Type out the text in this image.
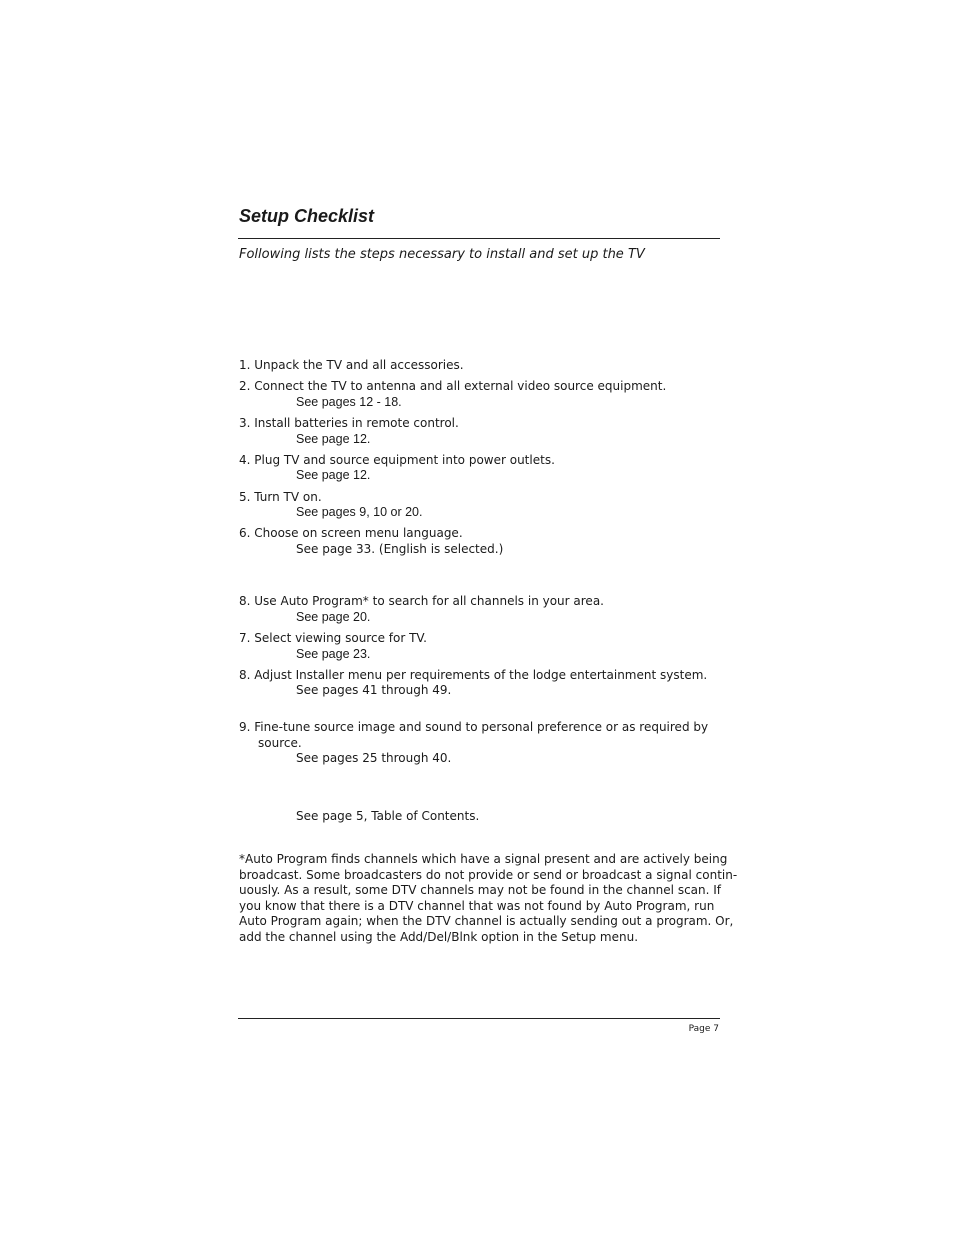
Setup Checklist

Following lists the steps necessary to install and set up the TV

1. Unpack the TV and all accessories.

2. Connect the TV to antenna and all external video source equipment.

See pages 12 - 18.

3. Install batteries in remote control.

See page 12.

4. Plug TV and source equipment into power outlets.

See page 12.

5. Turn TV on.

See pages 9, 10 or 20.

6. Choose on screen menu language.

See page 33. (English is selected.)

8. Use Auto Program* to search for all channels in your area.

See page 20.

7. Select viewing source for TV.

See page 23.

8. Adjust Installer menu per requirements of the lodge entertainment system.

See pages 41 through 49.

9. Fine-tune source image and sound to personal preference or as required by

source.

See pages 25 through 40.

See page 5, Table of Contents.

*Auto Program finds channels which have a signal present and are actively being
broadcast. Some broadcasters do not provide or send or broadcast a signal contin-
uously. As a result, some DTV channels may not be found in the channel scan. If
you know that there is a DTV channel that was not found by Auto Program, run
Auto Program again; when the DTV channel is actually sending out a program. Or,
add the channel using the Add/Del/Blnk option in the Setup menu.

Page 7
